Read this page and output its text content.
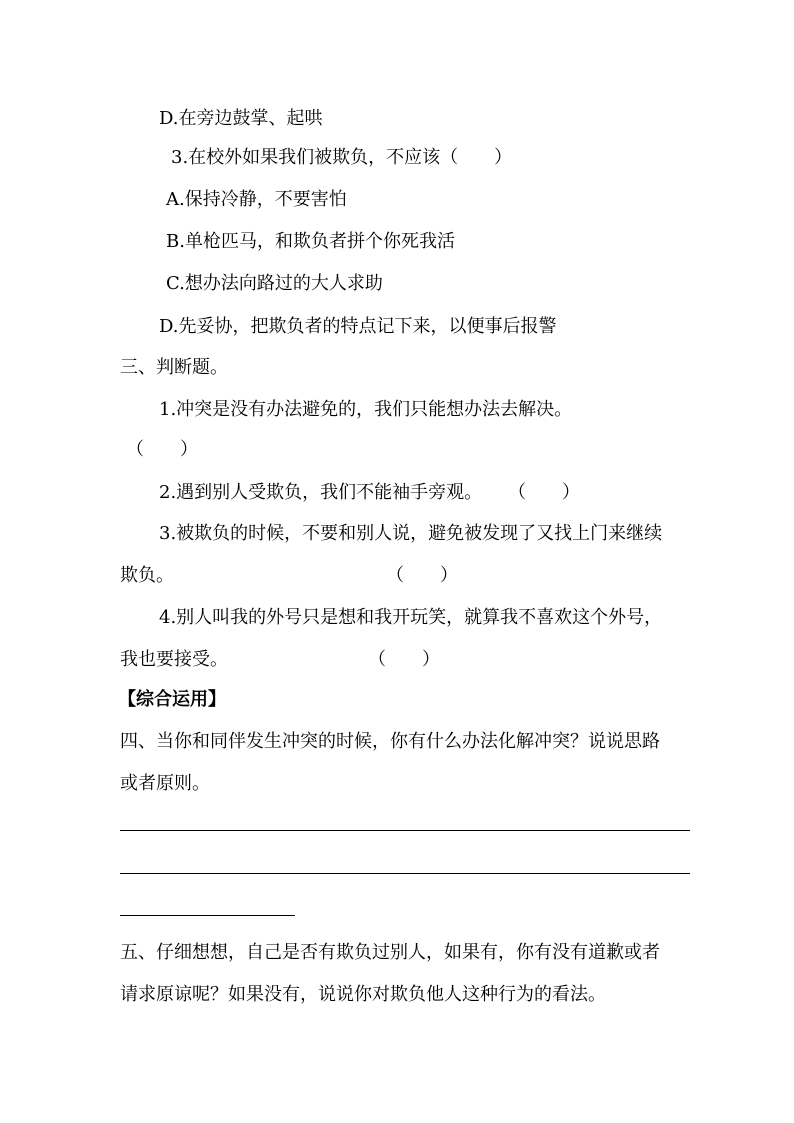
D.在旁边鼓掌、起哄
3.在校外如果我们被欺负，不应该（　　）
A.保持冷静，不要害怕
B.单枪匹马，和欺负者拼个你死我活
C.想办法向路过的大人求助
D.先妥协，把欺负者的特点记下来，以便事后报警
三、判断题。
1.冲突是没有办法避免的，我们只能想办法去解决。
（　　）
2.遇到别人受欺负，我们不能袖手旁观。 （　　）
3.被欺负的时候，不要和别人说，避免被发现了又找上门来继续
欺负。	（　　）
4.别人叫我的外号只是想和我开玩笑，就算我不喜欢这个外号，
我也要接受。	（　　）
【综合运用】
四、当你和同伴发生冲突的时候，你有什么办法化解冲突？说说思路
或者原则。
五、仔细想想，自己是否有欺负过别人，如果有，你有没有道歉或者
请求原谅呢？如果没有，说说你对欺负他人这种行为的看法。
